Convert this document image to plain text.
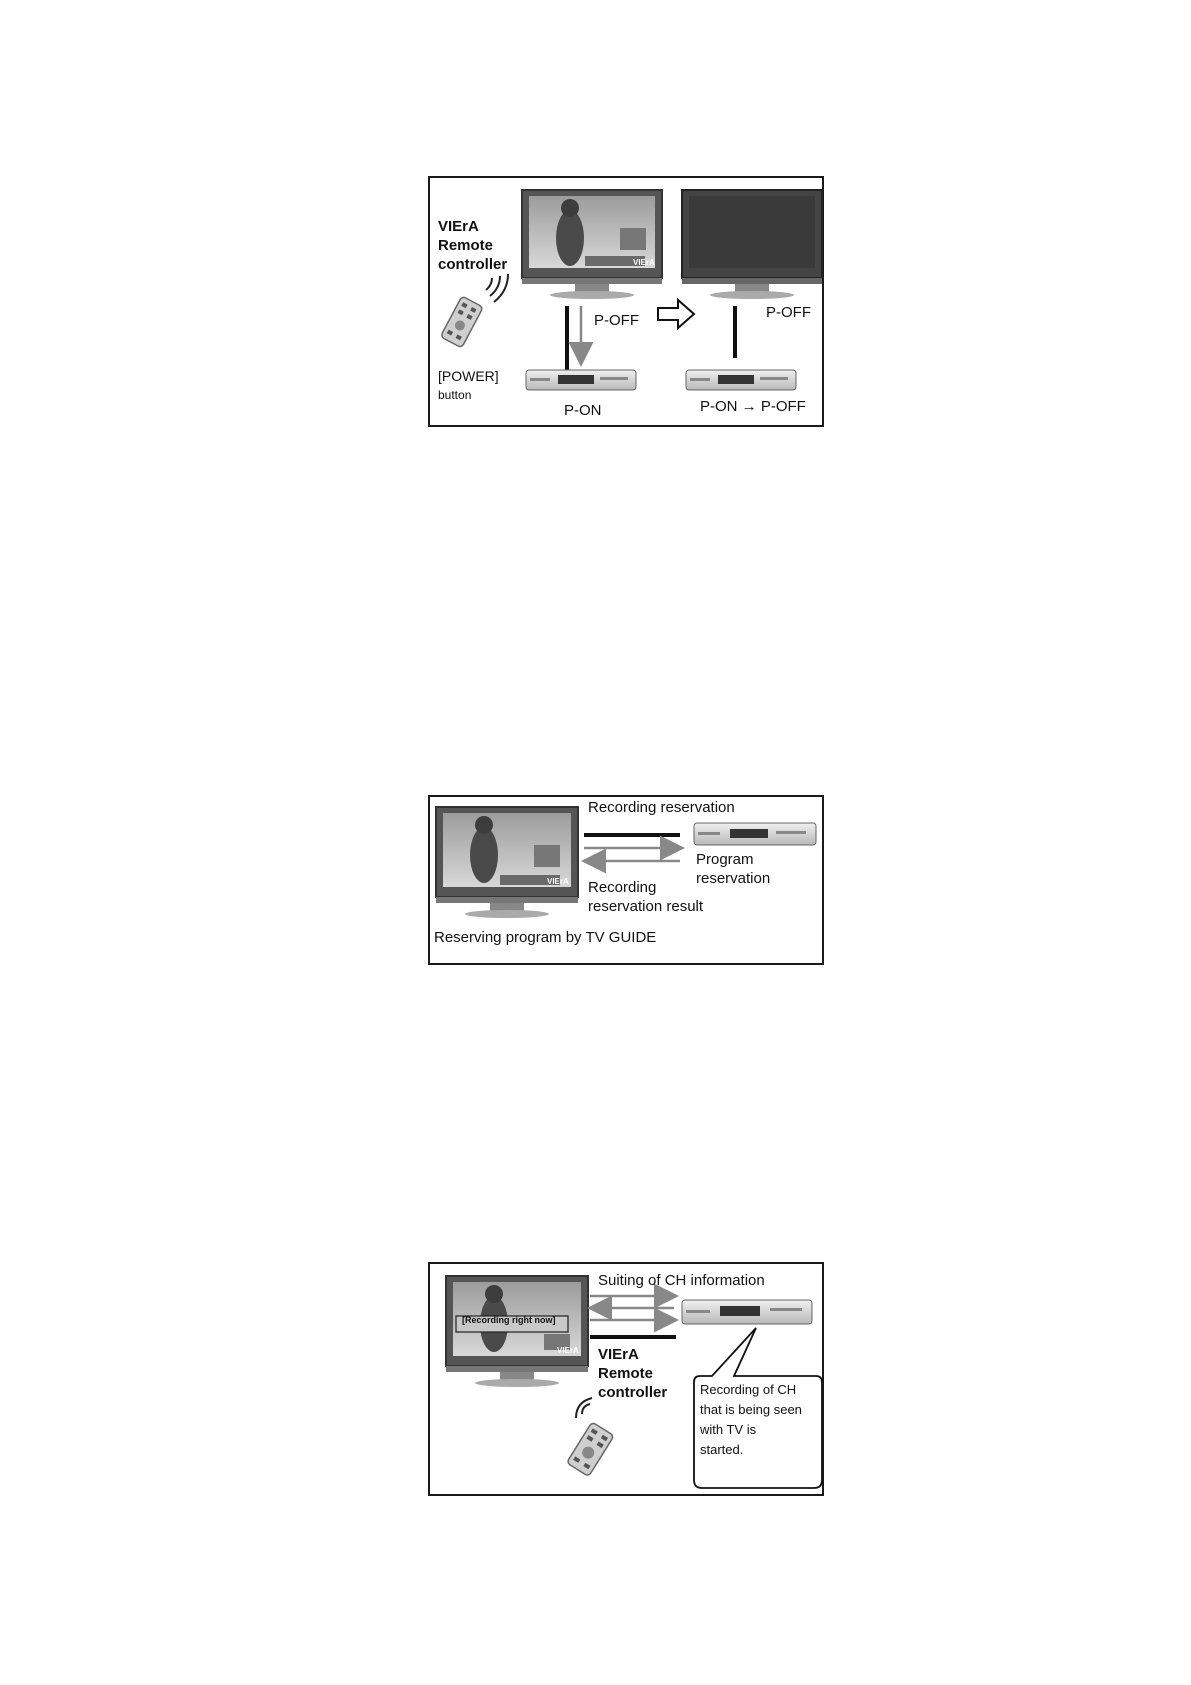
VIErA
VIErA
Remote
controller
[POWER]
button
P-OFF	P-OFF
P-ON	P-ON → P-OFF
VIErA
Recording reservation
Program
reservation
Recording
reservation result
Reserving program by TV GUIDE
VIErA
[Recording right now]
Suiting of CH information
VIErA
Remote
controller	Recording of CH
that is being seen
with TV is
started.
